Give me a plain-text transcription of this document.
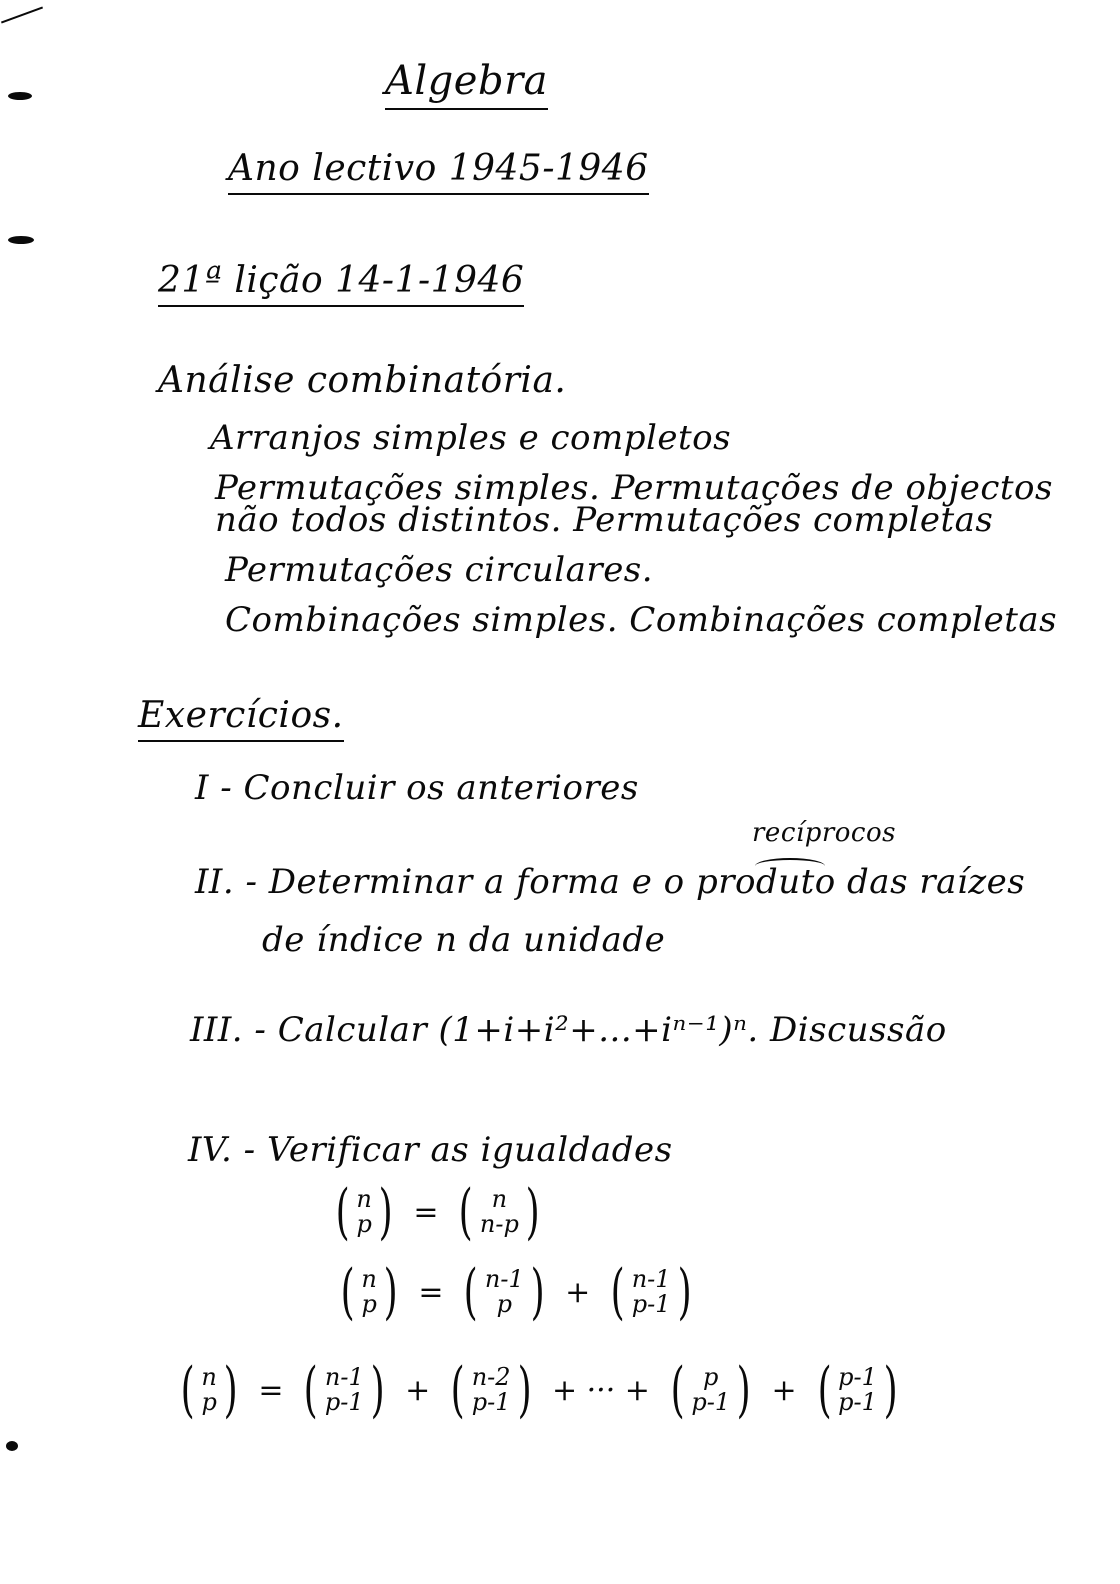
Algebra
Ano lectivo 1945-1946
21ª lição 14-1-1946
Análise combinatória.
Arranjos simples e completos
Permutações simples. Permutações de objectos
não todos distintos. Permutações completas
Permutações circulares.
Combinações simples. Combinações completas
Exercícios.
I - Concluir os anteriores
recíprocos
II. - Determinar a forma e o produto das raízes
de índice n da unidade
III. - Calcular (1+i+i²+...+iⁿ⁻¹)ⁿ. Discussão
IV. - Verificar as igualdades
( n
p ) = ( n
n-p )
( n
p ) = ( n-1
p ) + ( n-1
p-1 )
( n
p ) = ( n-1
p-1 ) + ( n-2
p-1 ) + ··· + ( p
p-1 ) + ( p-1
p-1 )
